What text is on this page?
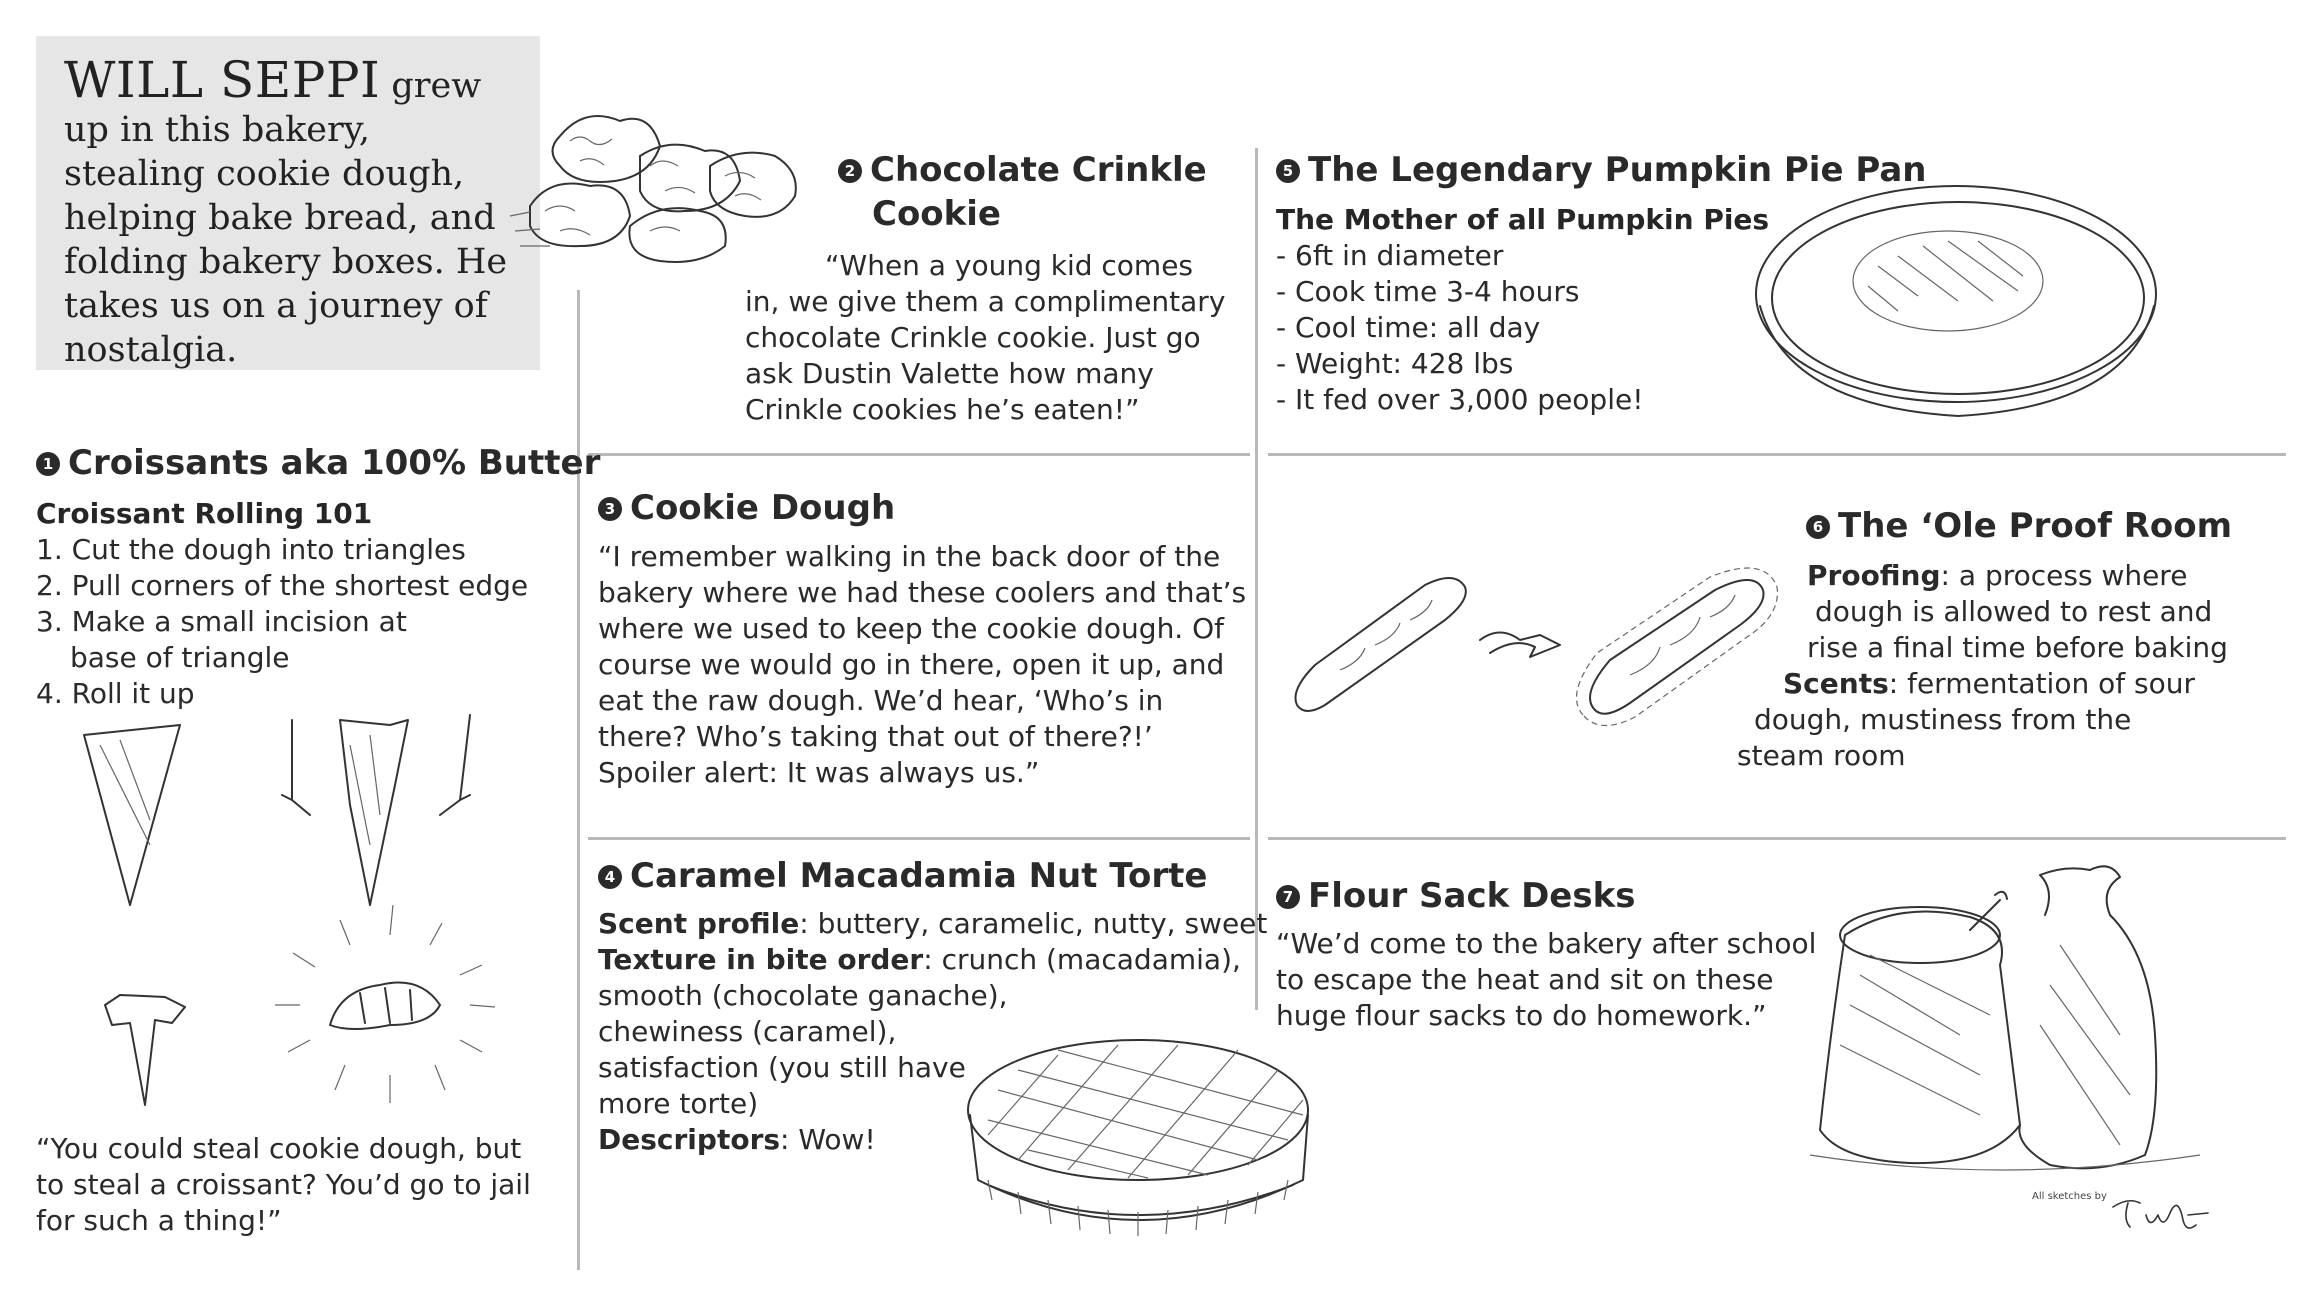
WILL SEPPI grew up in this bakery, stealing cookie dough, helping bake bread, and folding bakery boxes. He takes us on a journey of nostalgia.
1 Croissants aka 100% Butter
Croissant Rolling 101
1. Cut the dough into triangles
2. Pull corners of the shortest edge
3. Make a small incision at
base of triangle
4. Roll it up
“You could steal cookie dough, but to steal a croissant? You’d go to jail for such a thing!”
2 Chocolate Crinkle
Cookie
“When a young kid comes in, we give them a complimentary chocolate Crinkle cookie. Just go ask Dustin Valette how many Crinkle cookies he’s eaten!”
3 Cookie Dough
“I remember walking in the back door of the bakery where we had these coolers and that’s where we used to keep the cookie dough. Of course we would go in there, open it up, and eat the raw dough. We’d hear, ‘Who’s in there? Who’s taking that out of there?!’ Spoiler alert: It was always us.”
4 Caramel Macadamia Nut Torte
Scent profile: buttery, caramelic, nutty, sweet
Texture in bite order: crunch (macadamia),
smooth (chocolate ganache),
chewiness (caramel),
satisfaction (you still have
more torte)
Descriptors: Wow!
5 The Legendary Pumpkin Pie Pan
The Mother of all Pumpkin Pies
- 6ft in diameter
- Cook time 3-4 hours
- Cool time: all day
- Weight: 428 lbs
- It fed over 3,000 people!
6 The ‘Ole Proof Room
Proofing: a process where
dough is allowed to rest and
rise a final time before baking
Scents: fermentation of sour
dough, mustiness from the
steam room
7 Flour Sack Desks
“We’d come to the bakery after school to escape the heat and sit on these huge flour sacks to do homework.”
All sketches by
